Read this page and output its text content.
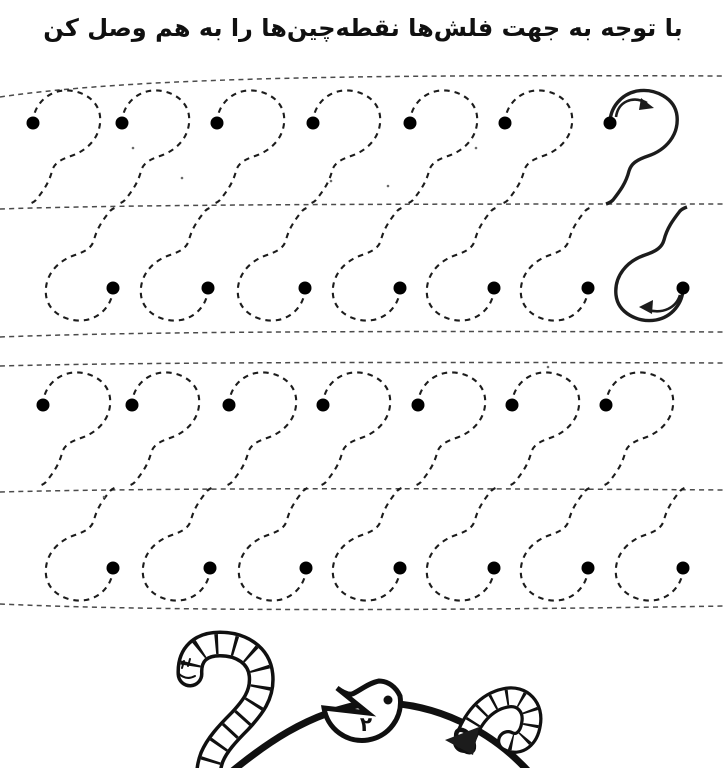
با توجه به جهت فلش‌ها نقطه‌چین‌ها را به هم وصل کن
۲
